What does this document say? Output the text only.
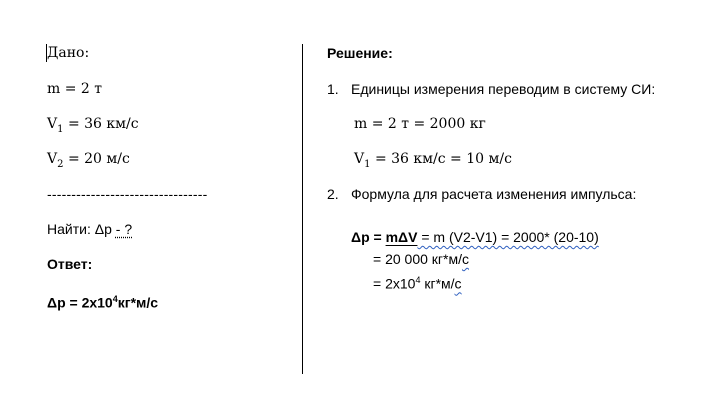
Дано:
m = 2 т
$V_1 = 36$ км/с
$V_2 = 20$ м/с
---------------------------------
Найти: Δp - ?
Ответ:
$\Delta p = 2х10^4кг*м/с$
Решение:
1. Единицы измерения переводим в систему СИ:
m = 2 т = 2000 кг
$V_1 = 36$ км/с = 10 м/с
2. Формула для расчета изменения импульса:
Δp = mΔV = m (V2-V1) = 2000* (20-10)
= 20 000 кг*м/с
= $2х10^4$ кг*м/с
